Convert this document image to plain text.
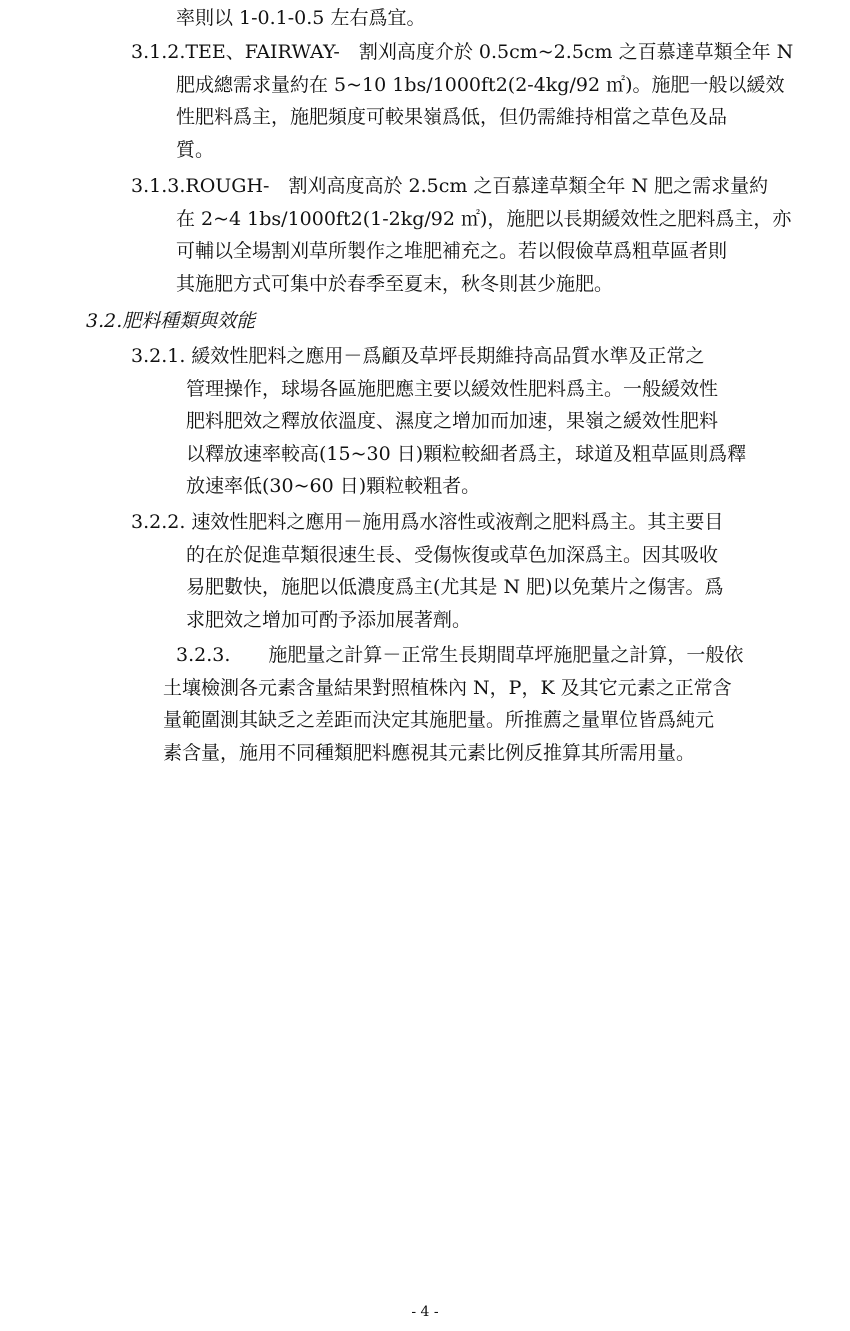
率則以 1-0.1-0.5 左右爲宜。
3.1.2.TEE、FAIRWAY-　割刈高度介於 0.5cm~2.5cm 之百慕達草類全年 N
肥成總需求量約在 5~10 1bs/1000ft2(2-4kg/92 ㎡)。施肥一般以緩效
性肥料爲主，施肥頻度可較果嶺爲低，但仍需維持相當之草色及品
質。
3.1.3.ROUGH-　割刈高度高於 2.5cm 之百慕達草類全年 N 肥之需求量約
在 2~4 1bs/1000ft2(1-2kg/92 ㎡)，施肥以長期緩效性之肥料爲主，亦
可輔以全場割刈草所製作之堆肥補充之。若以假儉草爲粗草區者則
其施肥方式可集中於春季至夏末，秋冬則甚少施肥。
3.2.肥料種類與效能
3.2.1. 緩效性肥料之應用－爲顧及草坪長期維持高品質水準及正常之
管理操作，球場各區施肥應主要以緩效性肥料爲主。一般緩效性
肥料肥效之釋放依溫度、濕度之增加而加速，果嶺之緩效性肥料
以釋放速率較高(15~30 日)顆粒較細者爲主，球道及粗草區則爲釋
放速率低(30~60 日)顆粒較粗者。
3.2.2. 速效性肥料之應用－施用爲水溶性或液劑之肥料爲主。其主要目
的在於促進草類很速生長、受傷恢復或草色加深爲主。因其吸收
易肥數快，施肥以低濃度爲主(尤其是 N 肥)以免葉片之傷害。爲
求肥效之增加可酌予添加展著劑。
3.2.3.　　施肥量之計算－正常生長期間草坪施肥量之計算，一般依
土壤檢測各元素含量結果對照植株內 N，P，K 及其它元素之正常含
量範圍測其缺乏之差距而決定其施肥量。所推薦之量單位皆爲純元
素含量，施用不同種類肥料應視其元素比例反推算其所需用量。
- 4 -
